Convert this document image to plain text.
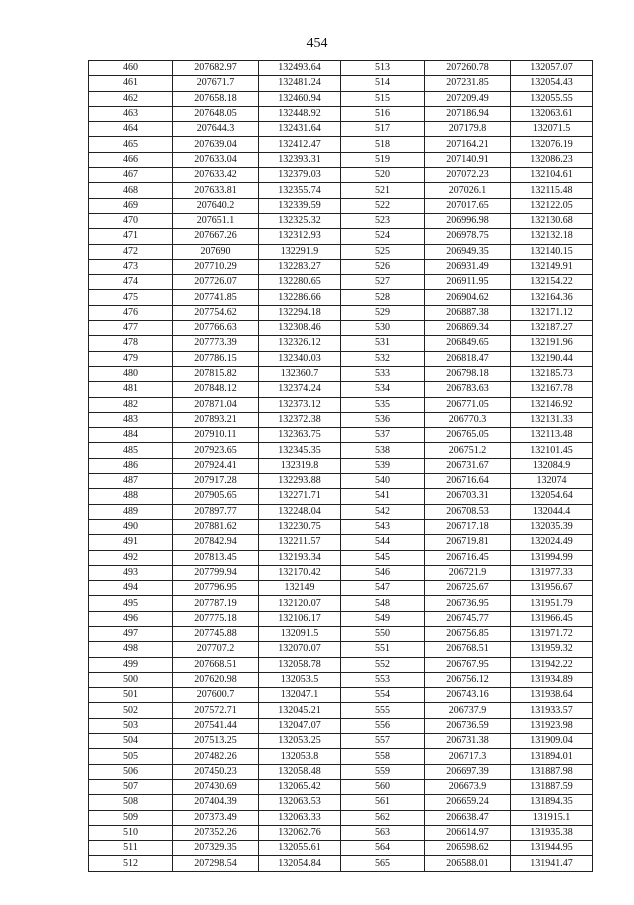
454
460	207682.97	132493.64	513	207260.78	132057.07
461	207671.7	132481.24	514	207231.85	132054.43
462	207658.18	132460.94	515	207209.49	132055.55
463	207648.05	132448.92	516	207186.94	132063.61
464	207644.3	132431.64	517	207179.8	132071.5
465	207639.04	132412.47	518	207164.21	132076.19
466	207633.04	132393.31	519	207140.91	132086.23
467	207633.42	132379.03	520	207072.23	132104.61
468	207633.81	132355.74	521	207026.1	132115.48
469	207640.2	132339.59	522	207017.65	132122.05
470	207651.1	132325.32	523	206996.98	132130.68
471	207667.26	132312.93	524	206978.75	132132.18
472	207690	132291.9	525	206949.35	132140.15
473	207710.29	132283.27	526	206931.49	132149.91
474	207726.07	132280.65	527	206911.95	132154.22
475	207741.85	132286.66	528	206904.62	132164.36
476	207754.62	132294.18	529	206887.38	132171.12
477	207766.63	132308.46	530	206869.34	132187.27
478	207773.39	132326.12	531	206849.65	132191.96
479	207786.15	132340.03	532	206818.47	132190.44
480	207815.82	132360.7	533	206798.18	132185.73
481	207848.12	132374.24	534	206783.63	132167.78
482	207871.04	132373.12	535	206771.05	132146.92
483	207893.21	132372.38	536	206770.3	132131.33
484	207910.11	132363.75	537	206765.05	132113.48
485	207923.65	132345.35	538	206751.2	132101.45
486	207924.41	132319.8	539	206731.67	132084.9
487	207917.28	132293.88	540	206716.64	132074
488	207905.65	132271.71	541	206703.31	132054.64
489	207897.77	132248.04	542	206708.53	132044.4
490	207881.62	132230.75	543	206717.18	132035.39
491	207842.94	132211.57	544	206719.81	132024.49
492	207813.45	132193.34	545	206716.45	131994.99
493	207799.94	132170.42	546	206721.9	131977.33
494	207796.95	132149	547	206725.67	131956.67
495	207787.19	132120.07	548	206736.95	131951.79
496	207775.18	132106.17	549	206745.77	131966.45
497	207745.88	132091.5	550	206756.85	131971.72
498	207707.2	132070.07	551	206768.51	131959.32
499	207668.51	132058.78	552	206767.95	131942.22
500	207620.98	132053.5	553	206756.12	131934.89
501	207600.7	132047.1	554	206743.16	131938.64
502	207572.71	132045.21	555	206737.9	131933.57
503	207541.44	132047.07	556	206736.59	131923.98
504	207513.25	132053.25	557	206731.38	131909.04
505	207482.26	132053.8	558	206717.3	131894.01
506	207450.23	132058.48	559	206697.39	131887.98
507	207430.69	132065.42	560	206673.9	131887.59
508	207404.39	132063.53	561	206659.24	131894.35
509	207373.49	132063.33	562	206638.47	131915.1
510	207352.26	132062.76	563	206614.97	131935.38
511	207329.35	132055.61	564	206598.62	131944.95
512	207298.54	132054.84	565	206588.01	131941.47
